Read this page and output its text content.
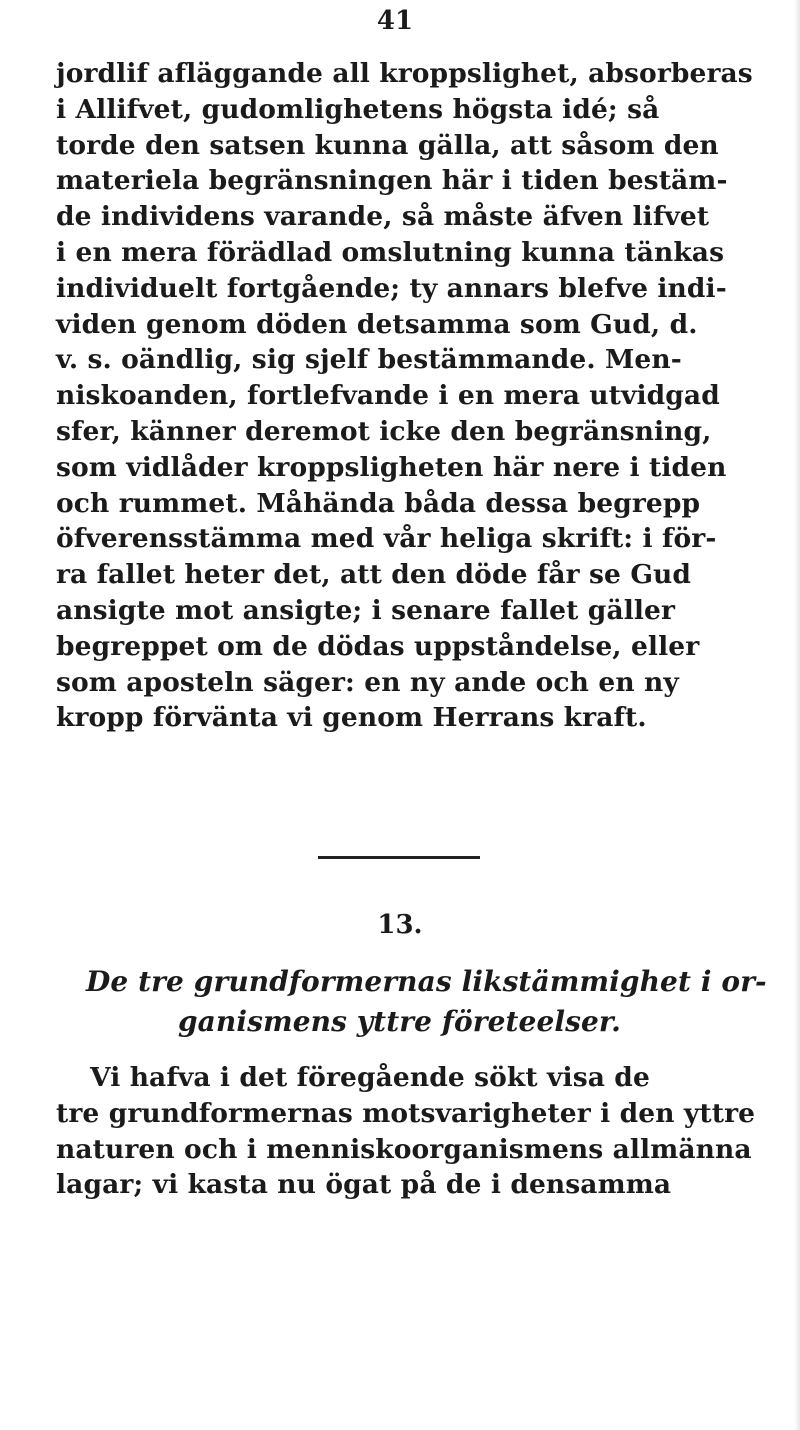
41

jordlif afläggande all kroppslighet, absorberas
i Allifvet, gudomlighetens högsta idé; så
torde den satsen kunna gälla, att såsom den
materiela begränsningen här i tiden bestäm-
de individens varande, så måste äfven lifvet
i en mera förädlad omslutning kunna tänkas
individuelt fortgående; ty annars blefve indi-
viden genom döden detsamma som Gud, d.
v. s. oändlig, sig sjelf bestämmande. Men-
niskoanden, fortlefvande i en mera utvidgad
sfer, känner deremot icke den begränsning,
som vidlåder kroppsligheten här nere i tiden
och rummet. Måhända båda dessa begrepp
öfverensstämma med vår heliga skrift: i för-
ra fallet heter det, att den döde får se Gud
ansigte mot ansigte; i senare fallet gäller
begreppet om de dödas uppståndelse, eller
som aposteln säger: en ny ande och en ny
kropp förvänta vi genom Herrans kraft.

13.
De tre grundformernas likstämmighet i or-
ganismens yttre företeelser.

Vi hafva i det föregående sökt visa de
tre grundformernas motsvarigheter i den yttre
naturen och i menniskoorganismens allmänna
lagar; vi kasta nu ögat på de i densamma
